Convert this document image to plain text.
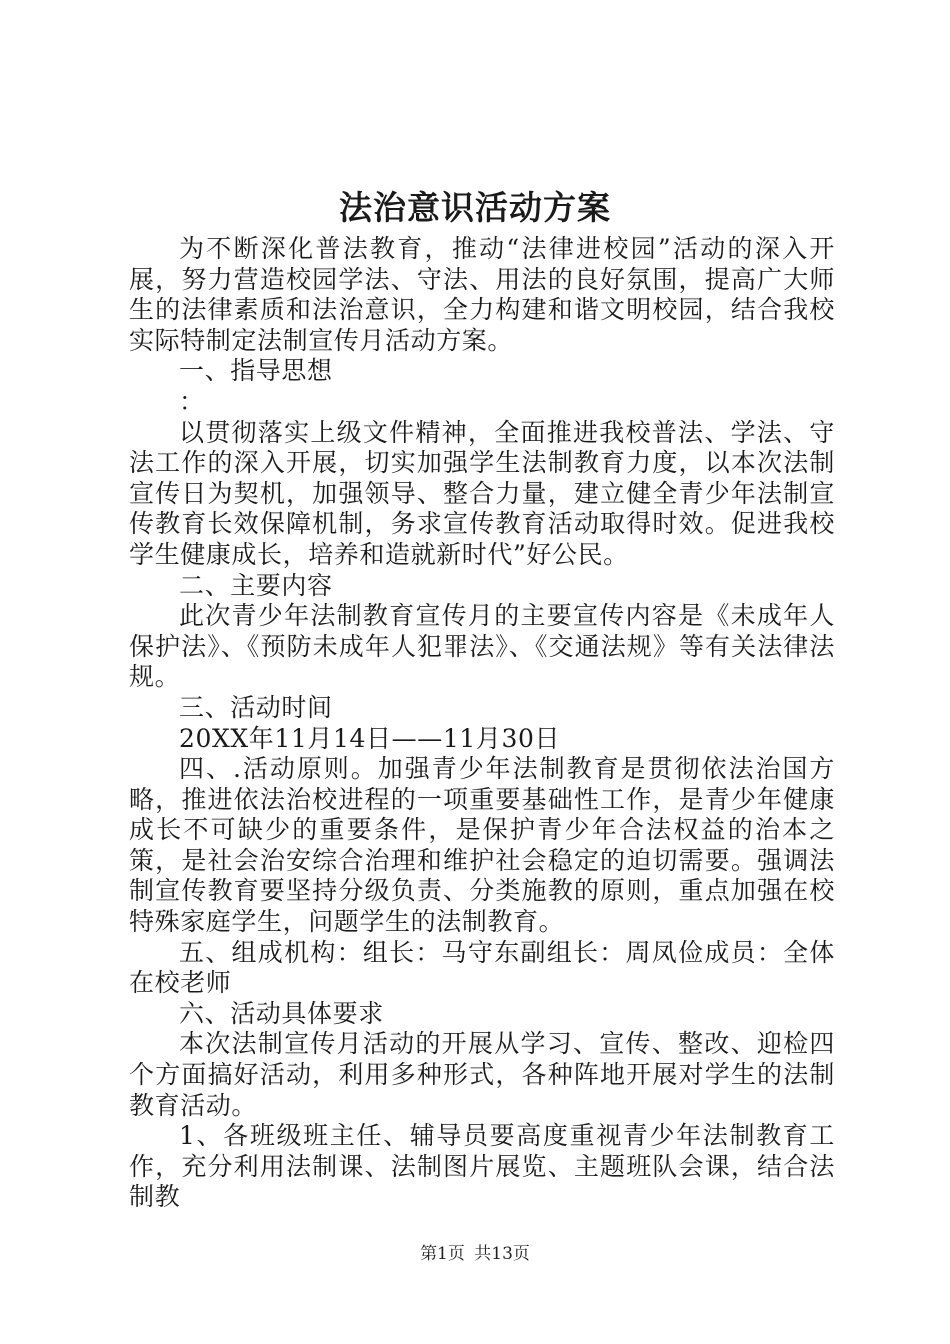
法治意识活动方案

为不断深化普法教育，推动“法律进校园”活动的深入开展，努力营造校园学法、守法、用法的良好氛围，提高广大师生的法律素质和法治意识，全力构建和谐文明校园，结合我校实际特制定法制宣传月活动方案。

一、指导思想

：

以贯彻落实上级文件精神，全面推进我校普法、学法、守法工作的深入开展，切实加强学生法制教育力度，以本次法制宣传日为契机，加强领导、整合力量，建立健全青少年法制宣传教育长效保障机制，务求宣传教育活动取得时效。促进我校学生健康成长，培养和造就新时代”好公民。

二、主要内容

此次青少年法制教育宣传月的主要宣传内容是《未成年人保护法》、《预防未成年人犯罪法》、《交通法规》等有关法律法规。

三、活动时间

20XX年11月14日——11月30日

四、.活动原则。加强青少年法制教育是贯彻依法治国方略，推进依法治校进程的一项重要基础性工作，是青少年健康成长不可缺少的重要条件，是保护青少年合法权益的治本之策，是社会治安综合治理和维护社会稳定的迫切需要。强调法制宣传教育要坚持分级负责、分类施教的原则，重点加强在校特殊家庭学生，问题学生的法制教育。

五、组成机构：组长：马守东副组长：周凤俭成员：全体在校老师

六、活动具体要求

本次法制宣传月活动的开展从学习、宣传、整改、迎检四个方面搞好活动，利用多种形式，各种阵地开展对学生的法制教育活动。

1、各班级班主任、辅导员要高度重视青少年法制教育工作，充分利用法制课、法制图片展览、主题班队会课，结合法制教

第1页 共13页
